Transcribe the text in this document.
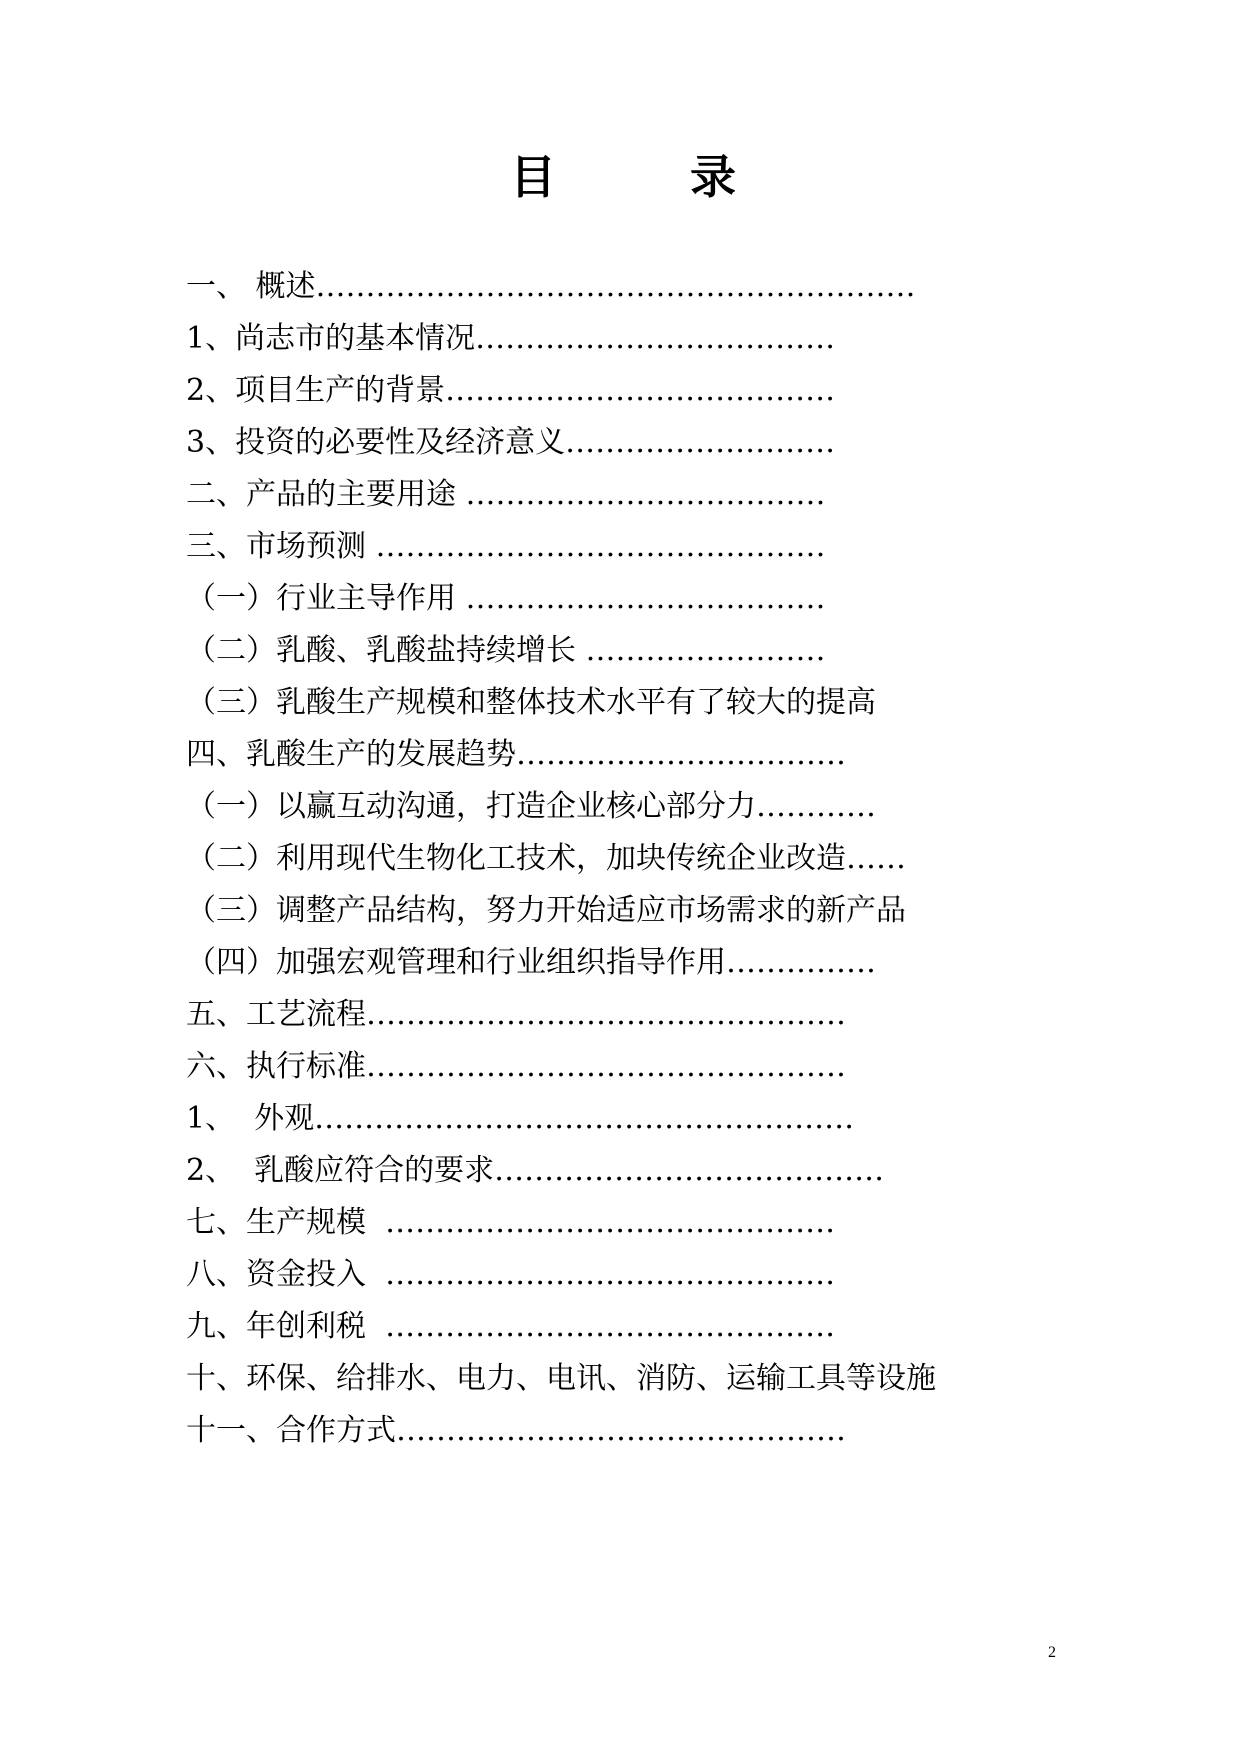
目	录
一、 概述……………………………………………………
1、尚志市的基本情况………………………………
2、项目生产的背景…………………………………
3、投资的必要性及经济意义………………………
二、产品的主要用途 ………………………………
三、市场预测 ………………………………………
（一）行业主导作用 ………………………………
（二）乳酸、乳酸盐持续增长 ……………………
（三）乳酸生产规模和整体技术水平有了较大的提高
四、乳酸生产的发展趋势……………………………
（一）以赢互动沟通，打造企业核心部分力…………
（二）利用现代生物化工技术，加块传统企业改造……
（三）调整产品结构，努力开始适应市场需求的新产品
（四）加强宏观管理和行业组织指导作用……………
五、工艺流程…………………………………………
六、执行标准…………………………………………
1、  外观………………………………………………
2、  乳酸应符合的要求…………………………………
七、生产规模  ………………………………………
八、资金投入  ………………………………………
九、年创利税  ………………………………………
十、环保、给排水、电力、电讯、消防、运输工具等设施
十一、合作方式………………………………………
2
